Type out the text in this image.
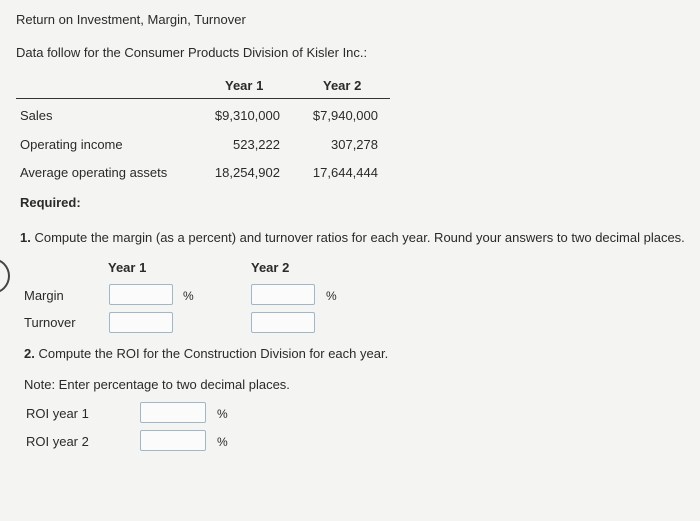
Return on Investment, Margin, Turnover
Data follow for the Consumer Products Division of Kisler Inc.:
Year 1	Year 2
Sales	$9,310,000	$7,940,000
Operating income	523,222	307,278
Average operating assets	18,254,902	17,644,444
Required:
1. Compute the margin (as a percent) and turnover ratios for each year. Round your answers to two decimal places.
Year 1	Year 2
Margin	%	%
Turnover
2. Compute the ROI for the Construction Division for each year.
Note: Enter percentage to two decimal places.
ROI year 1	%
ROI year 2	%
